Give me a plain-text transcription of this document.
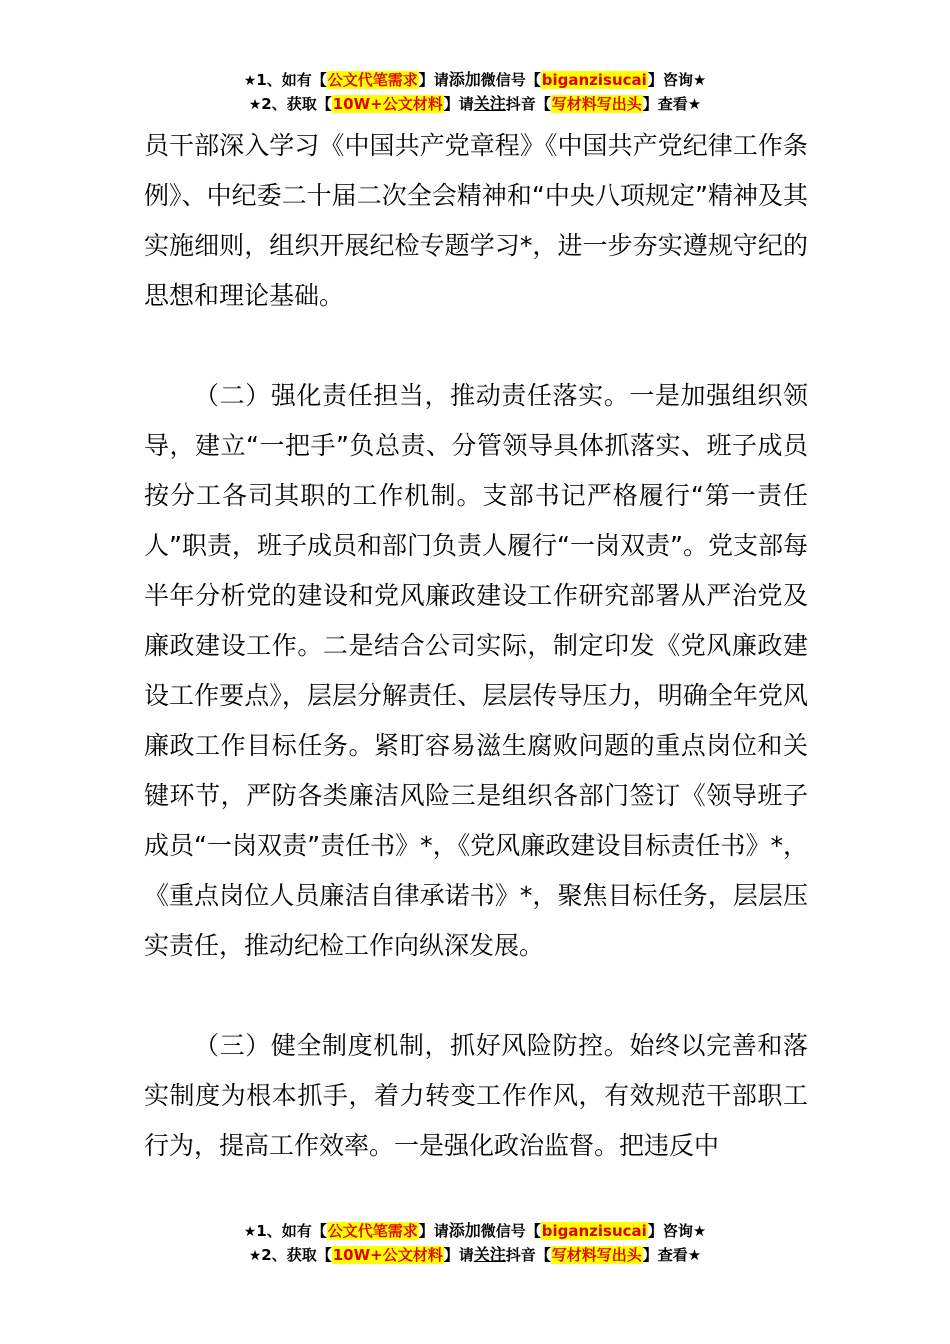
★1、如有【公文代笔需求】请添加微信号【biganzisucai】咨询★
★2、获取【10W+公文材料】请关注抖音【写材料写出头】查看★

员干部深入学习《中国共产党章程》《中国共产党纪律工作条例》、中纪委二十届二次全会精神和“中央八项规定”精神及其实施细则，组织开展纪检专题学习*，进一步夯实遵规守纪的思想和理论基础。

（二）强化责任担当，推动责任落实。一是加强组织领导，建立“一把手”负总责、分管领导具体抓落实、班子成员按分工各司其职的工作机制。支部书记严格履行“第一责任人”职责，班子成员和部门负责人履行“一岗双责”。党支部每半年分析党的建设和党风廉政建设工作研究部署从严治党及廉政建设工作。二是结合公司实际，制定印发《党风廉政建设工作要点》，层层分解责任、层层传导压力，明确全年党风廉政工作目标任务。紧盯容易滋生腐败问题的重点岗位和关键环节，严防各类廉洁风险三是组织各部门签订《领导班子成员“一岗双责”责任书》*，《党风廉政建设目标责任书》*，《重点岗位人员廉洁自律承诺书》*，聚焦目标任务，层层压实责任，推动纪检工作向纵深发展。

（三）健全制度机制，抓好风险防控。始终以完善和落实制度为根本抓手，着力转变工作作风，有效规范干部职工行为，提高工作效率。一是强化政治监督。把违反中

★1、如有【公文代笔需求】请添加微信号【biganzisucai】咨询★
★2、获取【10W+公文材料】请关注抖音【写材料写出头】查看★
